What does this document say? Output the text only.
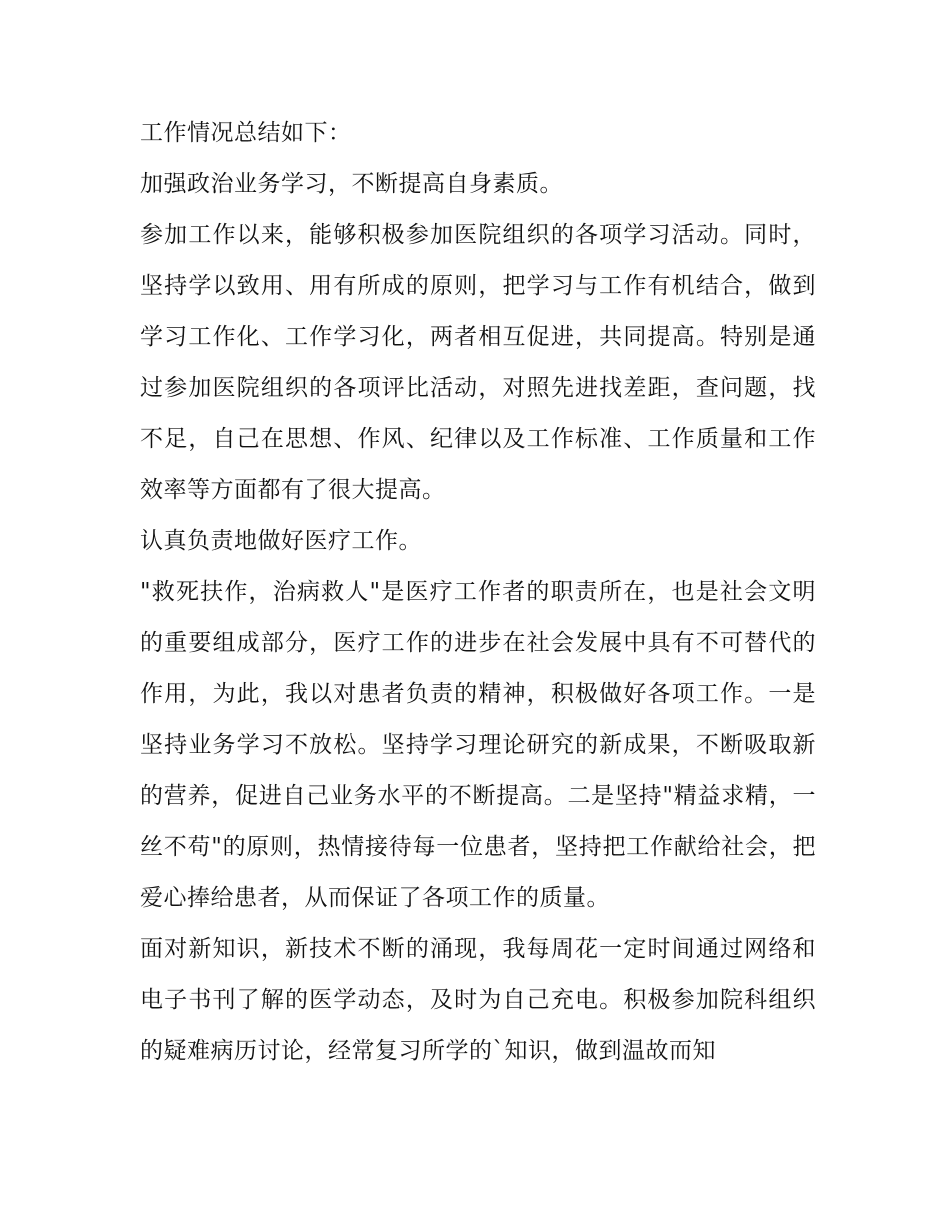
工作情况总结如下：

加强政治业务学习，不断提高自身素质。

参加工作以来，能够积极参加医院组织的各项学习活动。同时，坚持学以致用、用有所成的原则，把学习与工作有机结合，做到学习工作化、工作学习化，两者相互促进，共同提高。特别是通过参加医院组织的各项评比活动，对照先进找差距，查问题，找不足，自己在思想、作风、纪律以及工作标准、工作质量和工作效率等方面都有了很大提高。

认真负责地做好医疗工作。

"救死扶作，治病救人"是医疗工作者的职责所在，也是社会文明的重要组成部分，医疗工作的进步在社会发展中具有不可替代的作用，为此，我以对患者负责的精神，积极做好各项工作。一是坚持业务学习不放松。坚持学习理论研究的新成果，不断吸取新的营养，促进自己业务水平的不断提高。二是坚持"精益求精，一丝不苟"的原则，热情接待每一位患者，坚持把工作献给社会，把爱心捧给患者，从而保证了各项工作的质量。

面对新知识，新技术不断的涌现，我每周花一定时间通过网络和电子书刊了解的医学动态，及时为自己充电。积极参加院科组织的疑难病历讨论，经常复习所学的`知识，做到温故而知
